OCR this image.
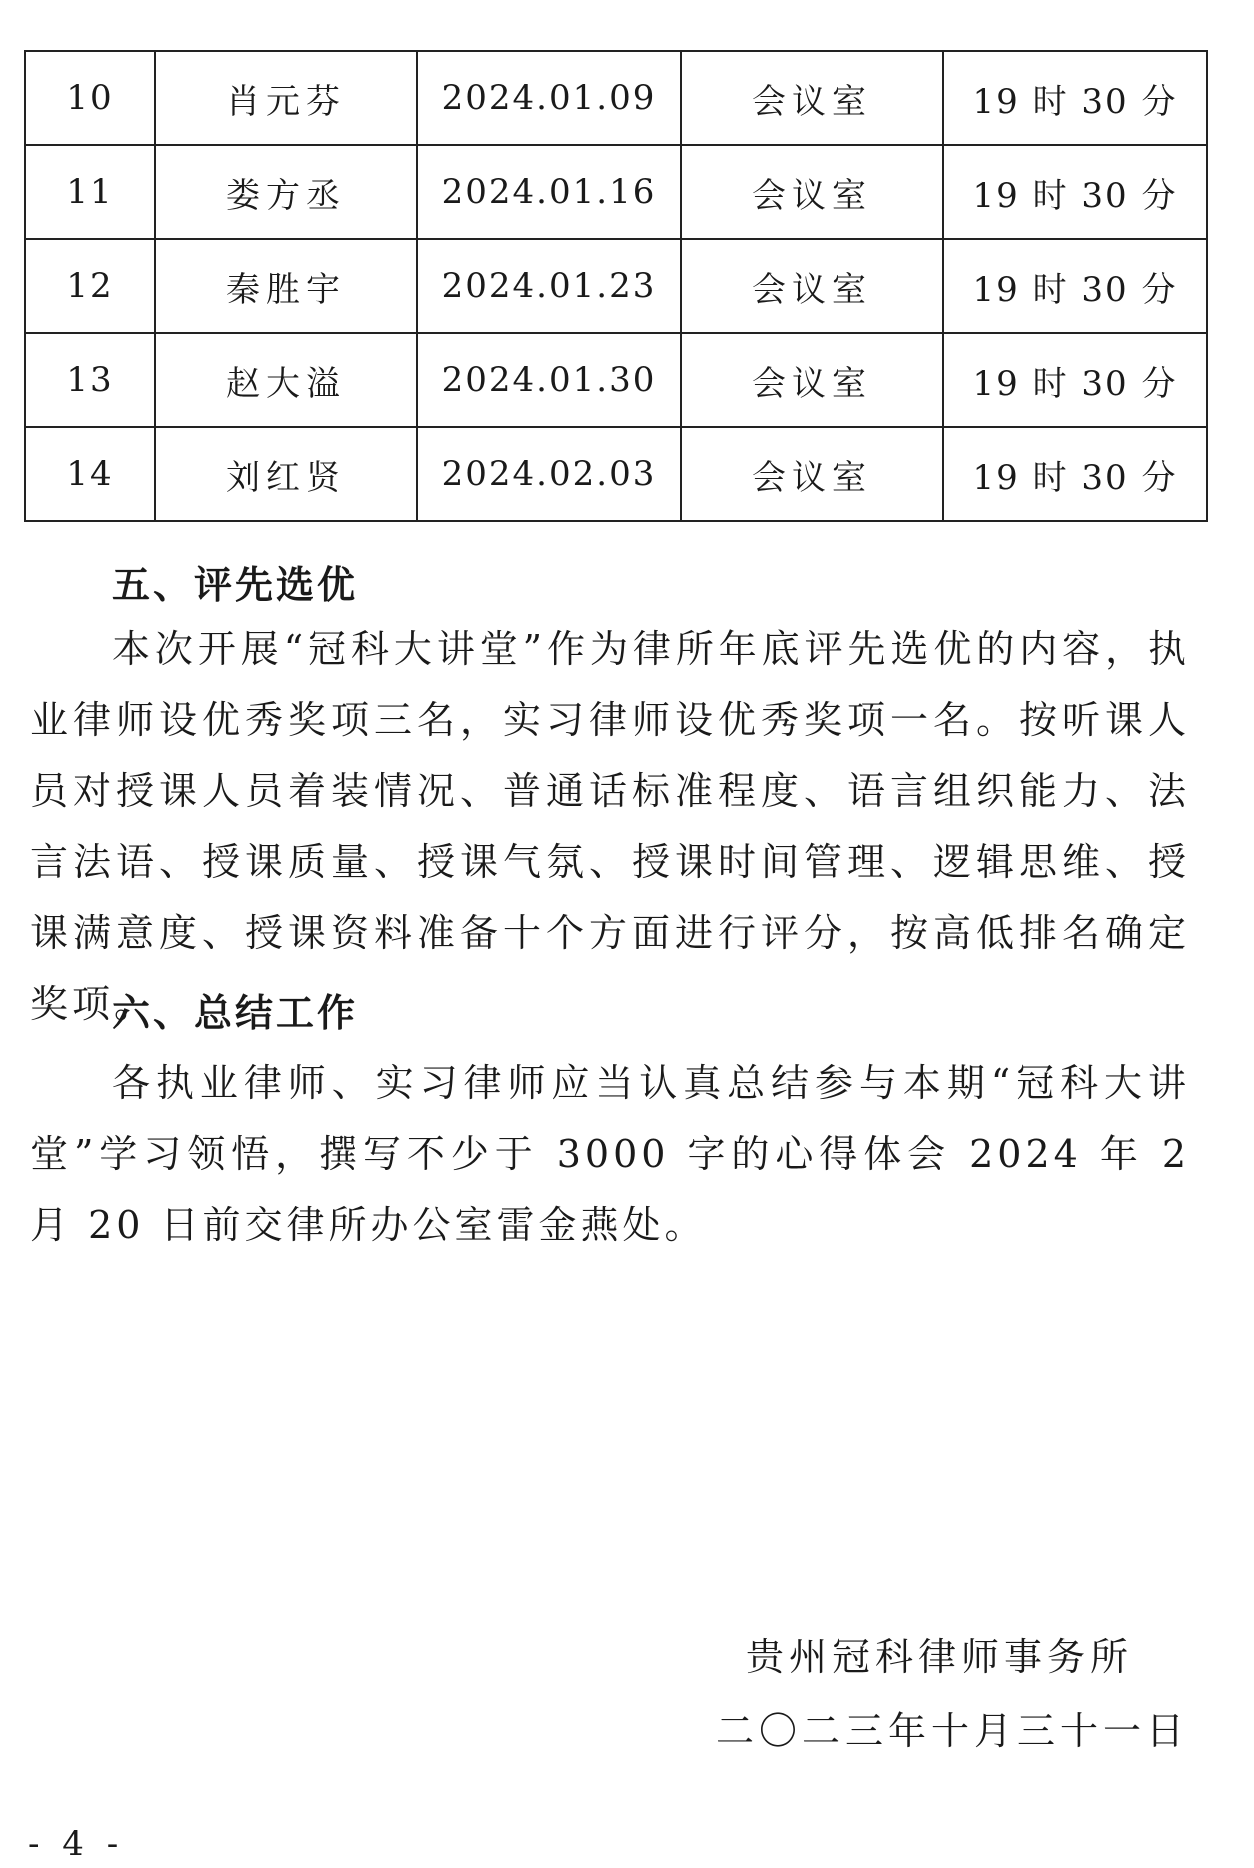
10	肖元芬	2024.01.09	会议室	19 时 30 分
11	娄方丞	2024.01.16	会议室	19 时 30 分
12	秦胜宇	2024.01.23	会议室	19 时 30 分
13	赵大溢	2024.01.30	会议室	19 时 30 分
14	刘红贤	2024.02.03	会议室	19 时 30 分
五、评先选优

本次开展“冠科大讲堂”作为律所年底评先选优的内容，执业律师设优秀奖项三名，实习律师设优秀奖项一名。按听课人员对授课人员着装情况、普通话标准程度、语言组织能力、法言法语、授课质量、授课气氛、授课时间管理、逻辑思维、授课满意度、授课资料准备十个方面进行评分，按高低排名确定奖项。

六、总结工作

各执业律师、实习律师应当认真总结参与本期“冠科大讲堂”学习领悟，撰写不少于 3000 字的心得体会 2024 年 2 月 20 日前交律所办公室雷金燕处。

贵州冠科律师事务所

二〇二三年十月三十一日

- 4 -
